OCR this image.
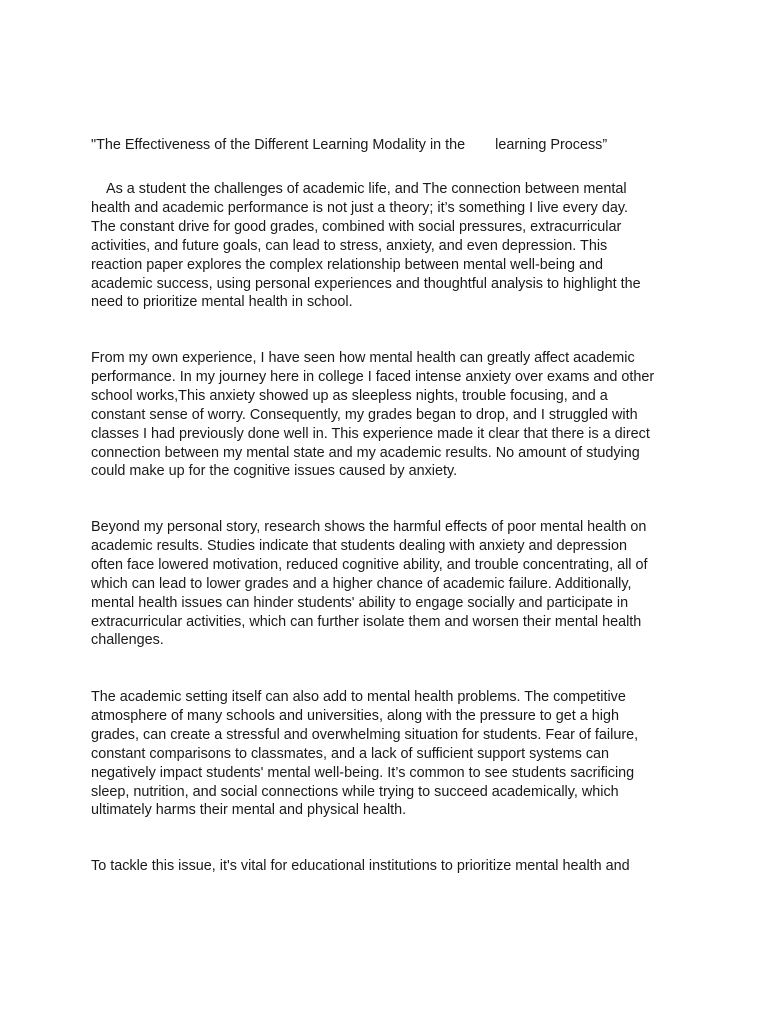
"The Effectiveness of the Different Learning Modality in the learning Process”

As a student the challenges of academic life, and The connection between mental
health and academic performance is not just a theory; it’s something I live every day.
The constant drive for good grades, combined with social pressures, extracurricular
activities, and future goals, can lead to stress, anxiety, and even depression. This
reaction paper explores the complex relationship between mental well-being and
academic success, using personal experiences and thoughtful analysis to highlight the
need to prioritize mental health in school.

From my own experience, I have seen how mental health can greatly affect academic
performance. In my journey here in college I faced intense anxiety over exams and other
school works,This anxiety showed up as sleepless nights, trouble focusing, and a
constant sense of worry. Consequently, my grades began to drop, and I struggled with
classes I had previously done well in. This experience made it clear that there is a direct
connection between my mental state and my academic results. No amount of studying
could make up for the cognitive issues caused by anxiety.

Beyond my personal story, research shows the harmful effects of poor mental health on
academic results. Studies indicate that students dealing with anxiety and depression
often face lowered motivation, reduced cognitive ability, and trouble concentrating, all of
which can lead to lower grades and a higher chance of academic failure. Additionally,
mental health issues can hinder students' ability to engage socially and participate in
extracurricular activities, which can further isolate them and worsen their mental health
challenges.

The academic setting itself can also add to mental health problems. The competitive
atmosphere of many schools and universities, along with the pressure to get a high
grades, can create a stressful and overwhelming situation for students. Fear of failure,
constant comparisons to classmates, and a lack of sufficient support systems can
negatively impact students' mental well-being. It’s common to see students sacrificing
sleep, nutrition, and social connections while trying to succeed academically, which
ultimately harms their mental and physical health.

To tackle this issue, it's vital for educational institutions to prioritize mental health and
